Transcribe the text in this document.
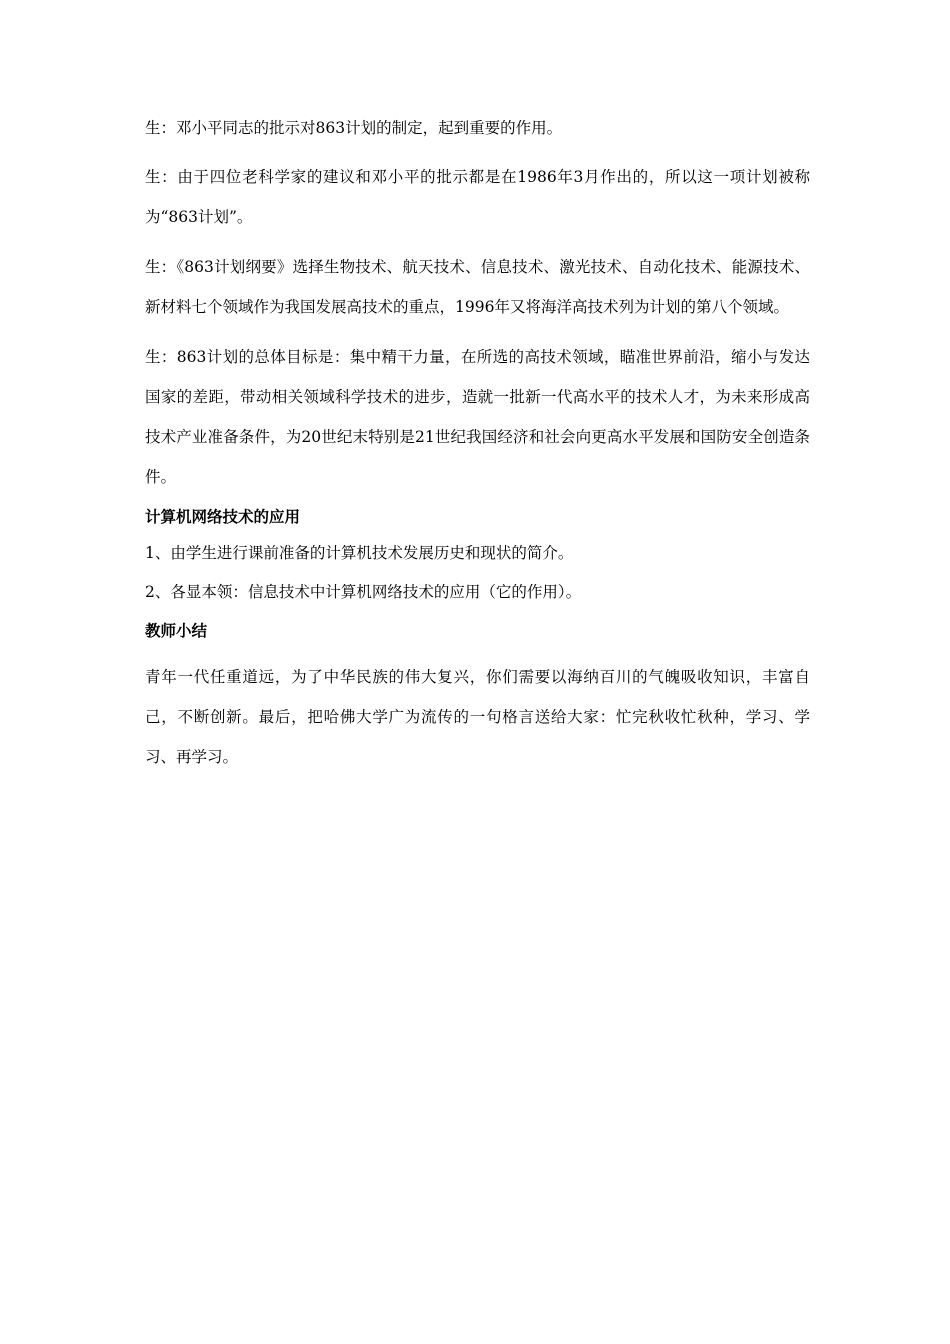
生：邓小平同志的批示对863计划的制定，起到重要的作用。

生：由于四位老科学家的建议和邓小平的批示都是在1986年3月作出的，所以这一项计划被称为“863计划”。

生：《863计划纲要》选择生物技术、航天技术、信息技术、激光技术、自动化技术、能源技术、新材料七个领域作为我国发展高技术的重点，1996年又将海洋高技术列为计划的第八个领域。

生：863计划的总体目标是：集中精干力量，在所选的高技术领域，瞄准世界前沿，缩小与发达国家的差距，带动相关领域科学技术的进步，造就一批新一代高水平的技术人才，为未来形成高技术产业准备条件，为20世纪末特别是21世纪我国经济和社会向更高水平发展和国防安全创造条件。

计算机网络技术的应用

1、由学生进行课前准备的计算机技术发展历史和现状的简介。

2、各显本领：信息技术中计算机网络技术的应用（它的作用）。

教师小结

青年一代任重道远，为了中华民族的伟大复兴，你们需要以海纳百川的气魄吸收知识，丰富自己，不断创新。最后，把哈佛大学广为流传的一句格言送给大家：忙完秋收忙秋种，学习、学习、再学习。
